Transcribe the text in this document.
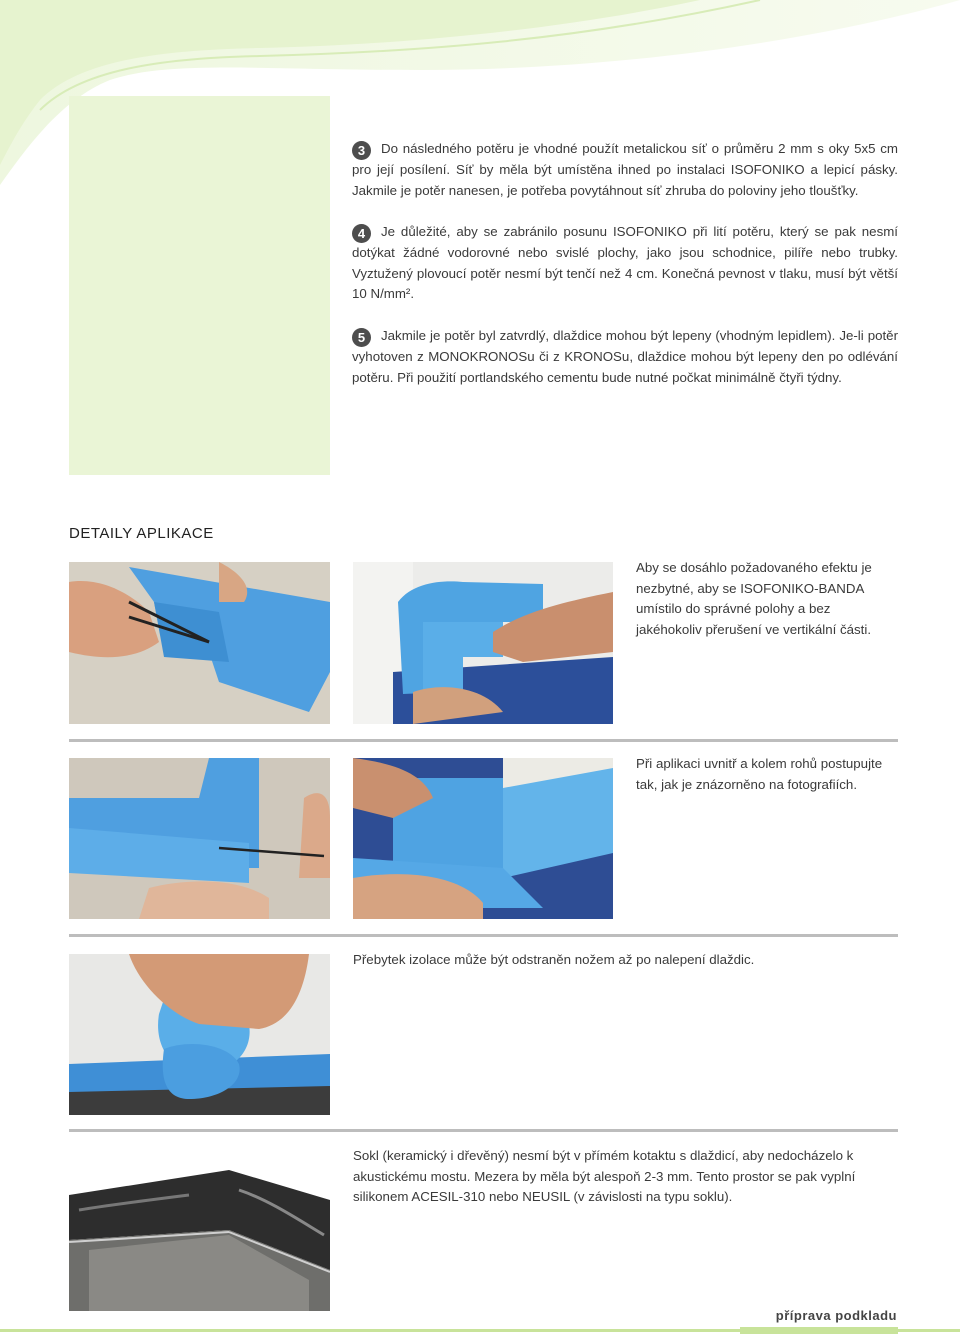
3 Do následného potěru je vhodné použít metalickou síť o průměru 2 mm s oky 5x5 cm pro její posílení. Síť by měla být umístěna ihned po instalaci ISOFONIKO a lepicí pásky. Jakmile je potěr nanesen, je potřeba povytáhnout síť zhruba do poloviny jeho tloušťky.

4 Je důležité, aby se zabránilo posunu ISOFONIKO při lití potěru, který se pak nesmí dotýkat žádné vodorovné nebo svislé plochy, jako jsou schodnice, pilíře nebo trubky. Vyztužený plovoucí potěr nesmí být tenčí než 4 cm. Konečná pevnost v tlaku, musí být větší 10 N/mm².

5 Jakmile je potěr byl zatvrdlý, dlaždice mohou být lepeny (vhodným lepidlem). Je-li potěr vyhotoven z MONOKRONOSu či z KRONOSu, dlaždice mohou být lepeny den po odlévání potěru. Při použití portlandského cementu bude nutné počkat minimálně čtyři týdny.

DETAILY APLIKACE

Aby se dosáhlo požadovaného efektu je nezbytné, aby se ISOFONIKO-BANDA umístilo do správné polohy a bez jakéhokoliv přerušení ve vertikální části.

Při aplikaci uvnitř a kolem rohů postupujte tak, jak je znázorněno na fotografiích.

Přebytek izolace může být odstraněn nožem až po nalepení dlaždic.

Sokl (keramický i dřevěný) nesmí být v přímém kotaktu s dlaždicí, aby nedocházelo k akustickému mostu. Mezera by měla být alespoň 2-3 mm. Tento prostor se pak vyplní silikonem ACESIL-310 nebo NEUSIL (v závislosti na typu soklu).

příprava podkladu
